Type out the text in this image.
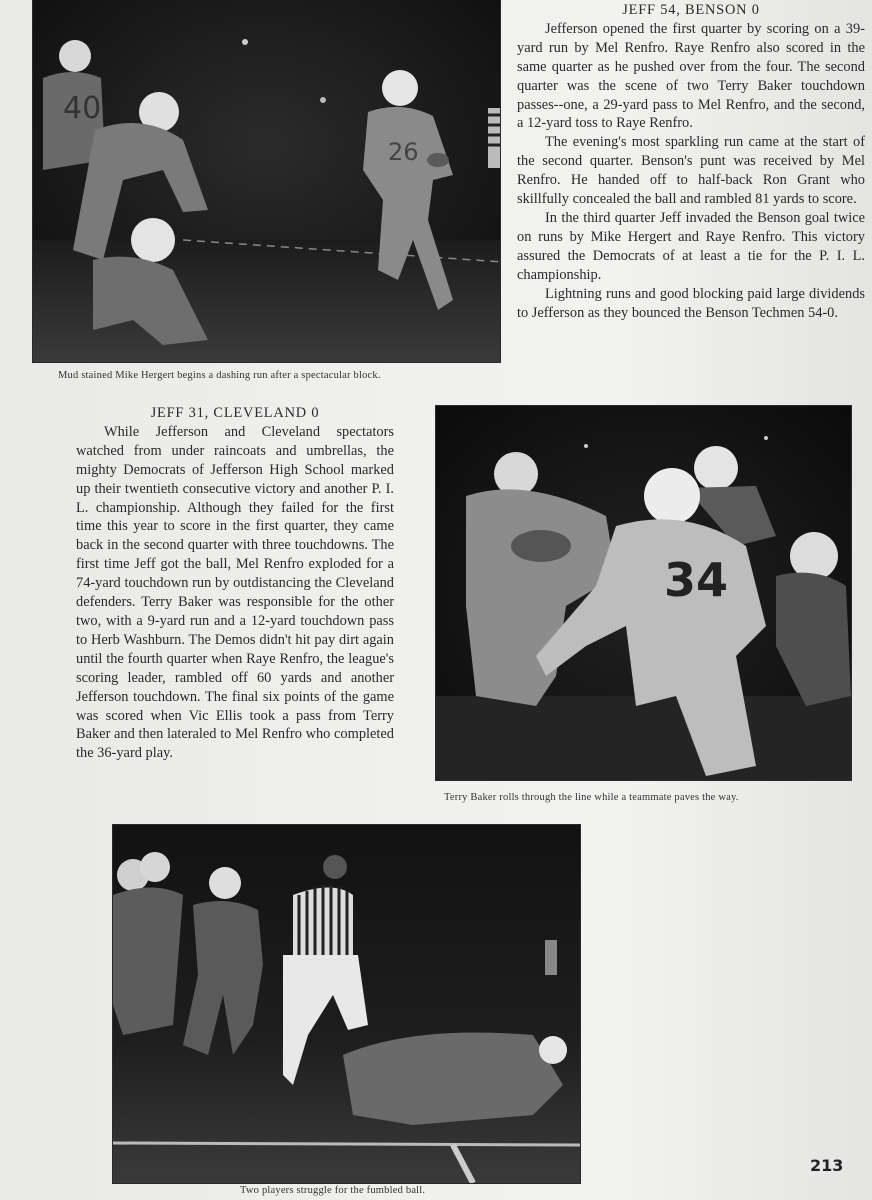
40
26
Mud stained Mike Hergert begins a dashing run after a spectacular block.
JEFF 54, BENSON 0

Jefferson opened the first quarter by scoring on a 39-yard run by Mel Renfro. Raye Renfro also scored in the same quarter as he pushed over from the four. The second quarter was the scene of two Terry Baker touchdown passes--one, a 29-yard pass to Mel Renfro, and the second, a 12-yard toss to Raye Renfro.

The evening's most sparkling run came at the start of the second quarter. Benson's punt was received by Mel Renfro. He handed off to half-back Ron Grant who skillfully concealed the ball and rambled 81 yards to score.

In the third quarter Jeff invaded the Benson goal twice on runs by Mike Hergert and Raye Renfro. This victory assured the Democrats of at least a tie for the P. I. L. championship.

Lightning runs and good blocking paid large dividends to Jefferson as they bounced the Benson Techmen 54-0.

JEFF 31, CLEVELAND 0

While Jefferson and Cleveland spectators watched from under raincoats and umbrellas, the mighty Democrats of Jefferson High School marked up their twentieth consecutive victory and another P. I. L. championship. Although they failed for the first time this year to score in the first quarter, they came back in the second quarter with three touchdowns. The first time Jeff got the ball, Mel Renfro exploded for a 74-yard touchdown run by outdistancing the Cleveland defenders. Terry Baker was responsible for the other two, with a 9-yard run and a 12-yard touchdown pass to Herb Washburn. The Demos didn't hit pay dirt again until the fourth quarter when Raye Renfro, the league's scoring leader, rambled off 60 yards and another Jefferson touchdown. The final six points of the game was scored when Vic Ellis took a pass from Terry Baker and then lateraled to Mel Renfro who completed the 36-yard play.

34
Terry Baker rolls through the line while a teammate paves the way.
Two players struggle for the fumbled ball.
213
